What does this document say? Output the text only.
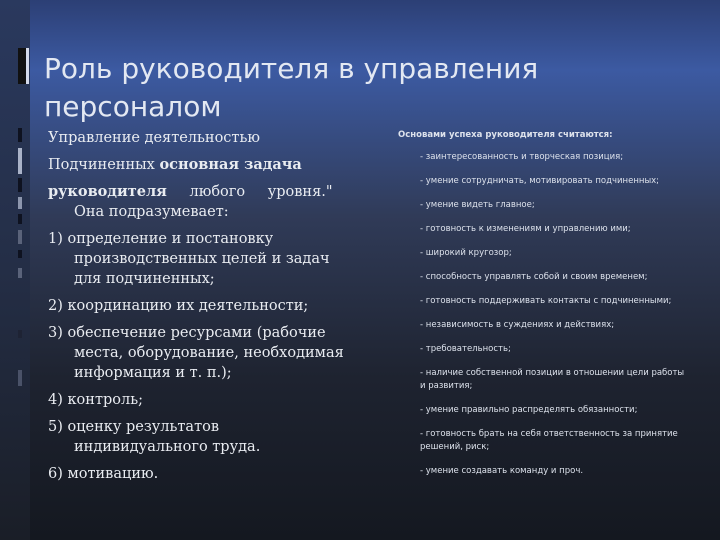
Роль руководителя в управления персоналом
Управление деятельностью
Подчиненных основная задача
руководителя любого уровня."
Она подразумевает:
1) определение и постановку производственных целей и задач для подчиненных;
2) координацию их деятельности;
3) обеспечение ресурсами (рабочие места, оборудование, необходимая информация и т. п.);
4) контроль;
5) оценку результатов индивидуального труда.
6) мотивацию.
Основами успеха руководителя считаются:
- заинтересованность и творческая позиция;
- умение сотрудничать, мотивировать подчиненных;
- умение видеть главное;
- готовность к изменениям и управлению ими;
- широкий кругозор;
- способность управлять собой и своим временем;
- готовность поддерживать контакты с подчиненными;
- независимость в суждениях и действиях;
- требовательность;
- наличие собственной позиции в отношении цели работы и развития;
- умение правильно распределять обязанности;
- готовность брать на себя ответственность за принятие решений, риск;
- умение создавать команду и проч.
